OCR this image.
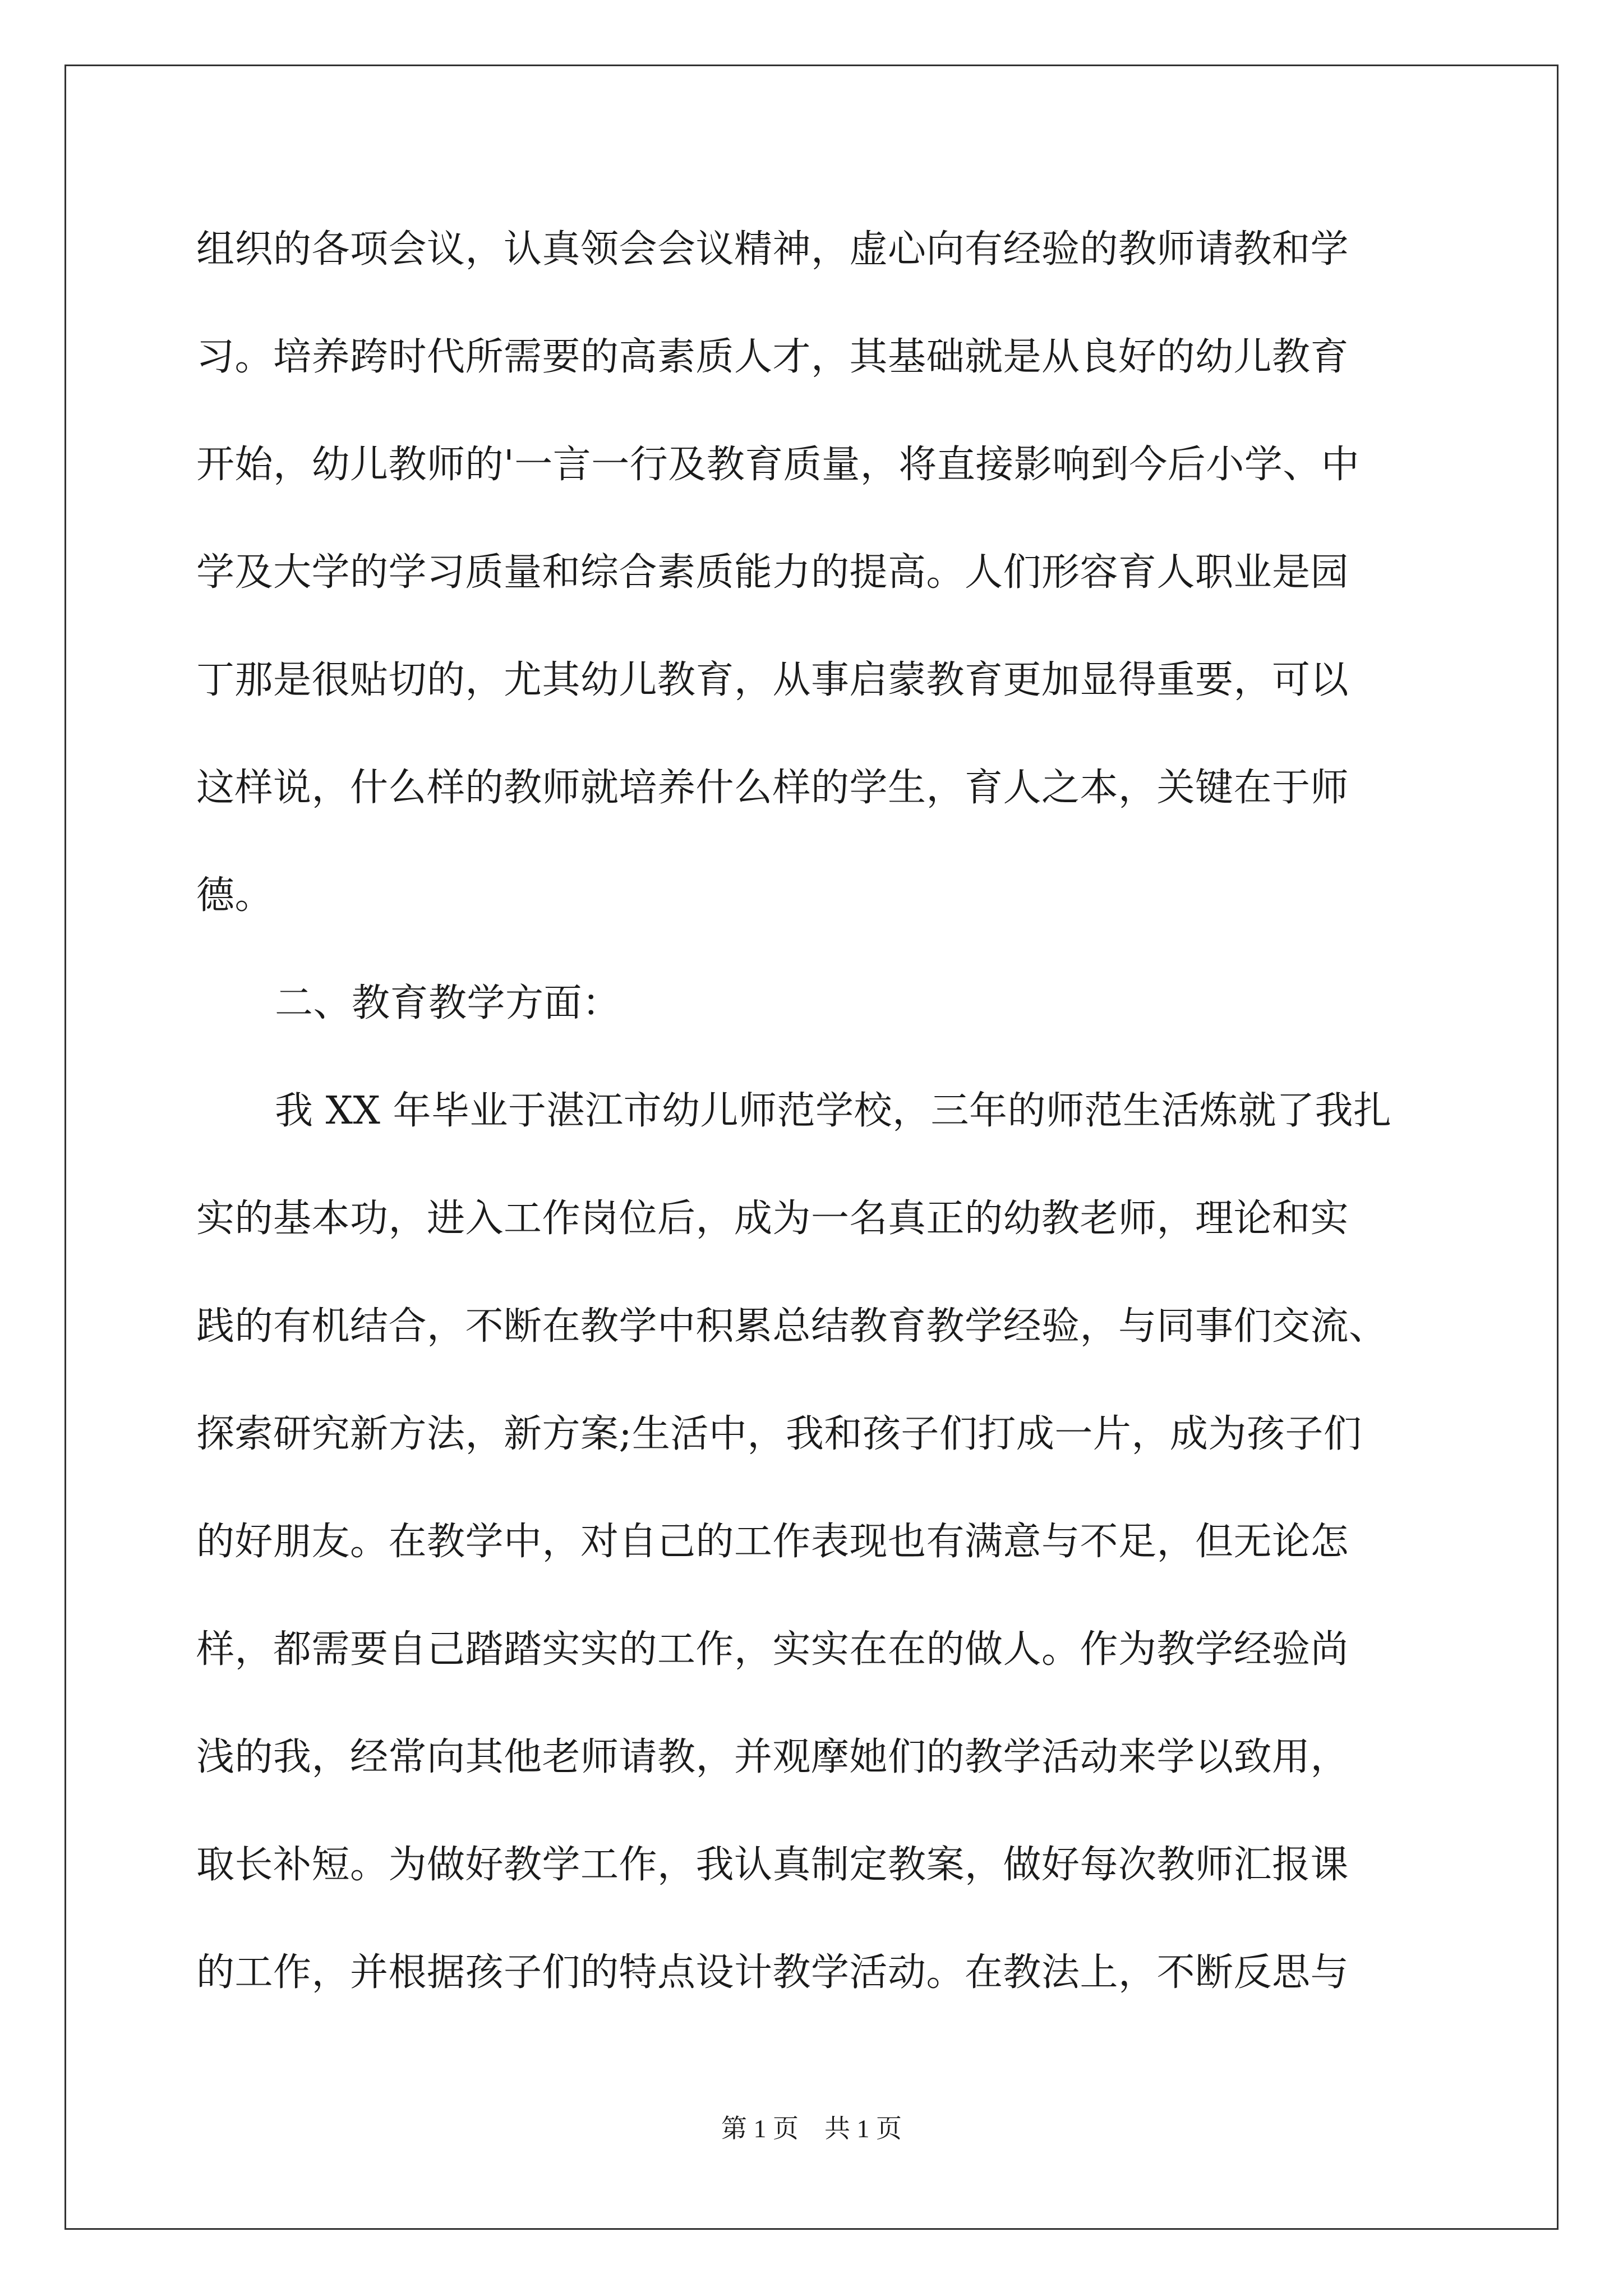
组织的各项会议，认真领会会议精神，虚心向有经验的教师请教和学
习。培养跨时代所需要的高素质人才，其基础就是从良好的幼儿教育
开始，幼儿教师的'一言一行及教育质量，将直接影响到今后小学、中
学及大学的学习质量和综合素质能力的提高。人们形容育人职业是园
丁那是很贴切的，尤其幼儿教育，从事启蒙教育更加显得重要，可以
这样说，什么样的教师就培养什么样的学生，育人之本，关键在于师
德。
二、教育教学方面：
我 XX 年毕业于湛江市幼儿师范学校，三年的师范生活炼就了我扎
实的基本功，进入工作岗位后，成为一名真正的幼教老师，理论和实
践的有机结合，不断在教学中积累总结教育教学经验，与同事们交流、
探索研究新方法，新方案;生活中，我和孩子们打成一片，成为孩子们
的好朋友。在教学中，对自己的工作表现也有满意与不足，但无论怎
样，都需要自己踏踏实实的工作，实实在在的做人。作为教学经验尚
浅的我，经常向其他老师请教，并观摩她们的教学活动来学以致用，
取长补短。为做好教学工作，我认真制定教案，做好每次教师汇报课
的工作，并根据孩子们的特点设计教学活动。在教法上，不断反思与
第 1 页　共 1 页
